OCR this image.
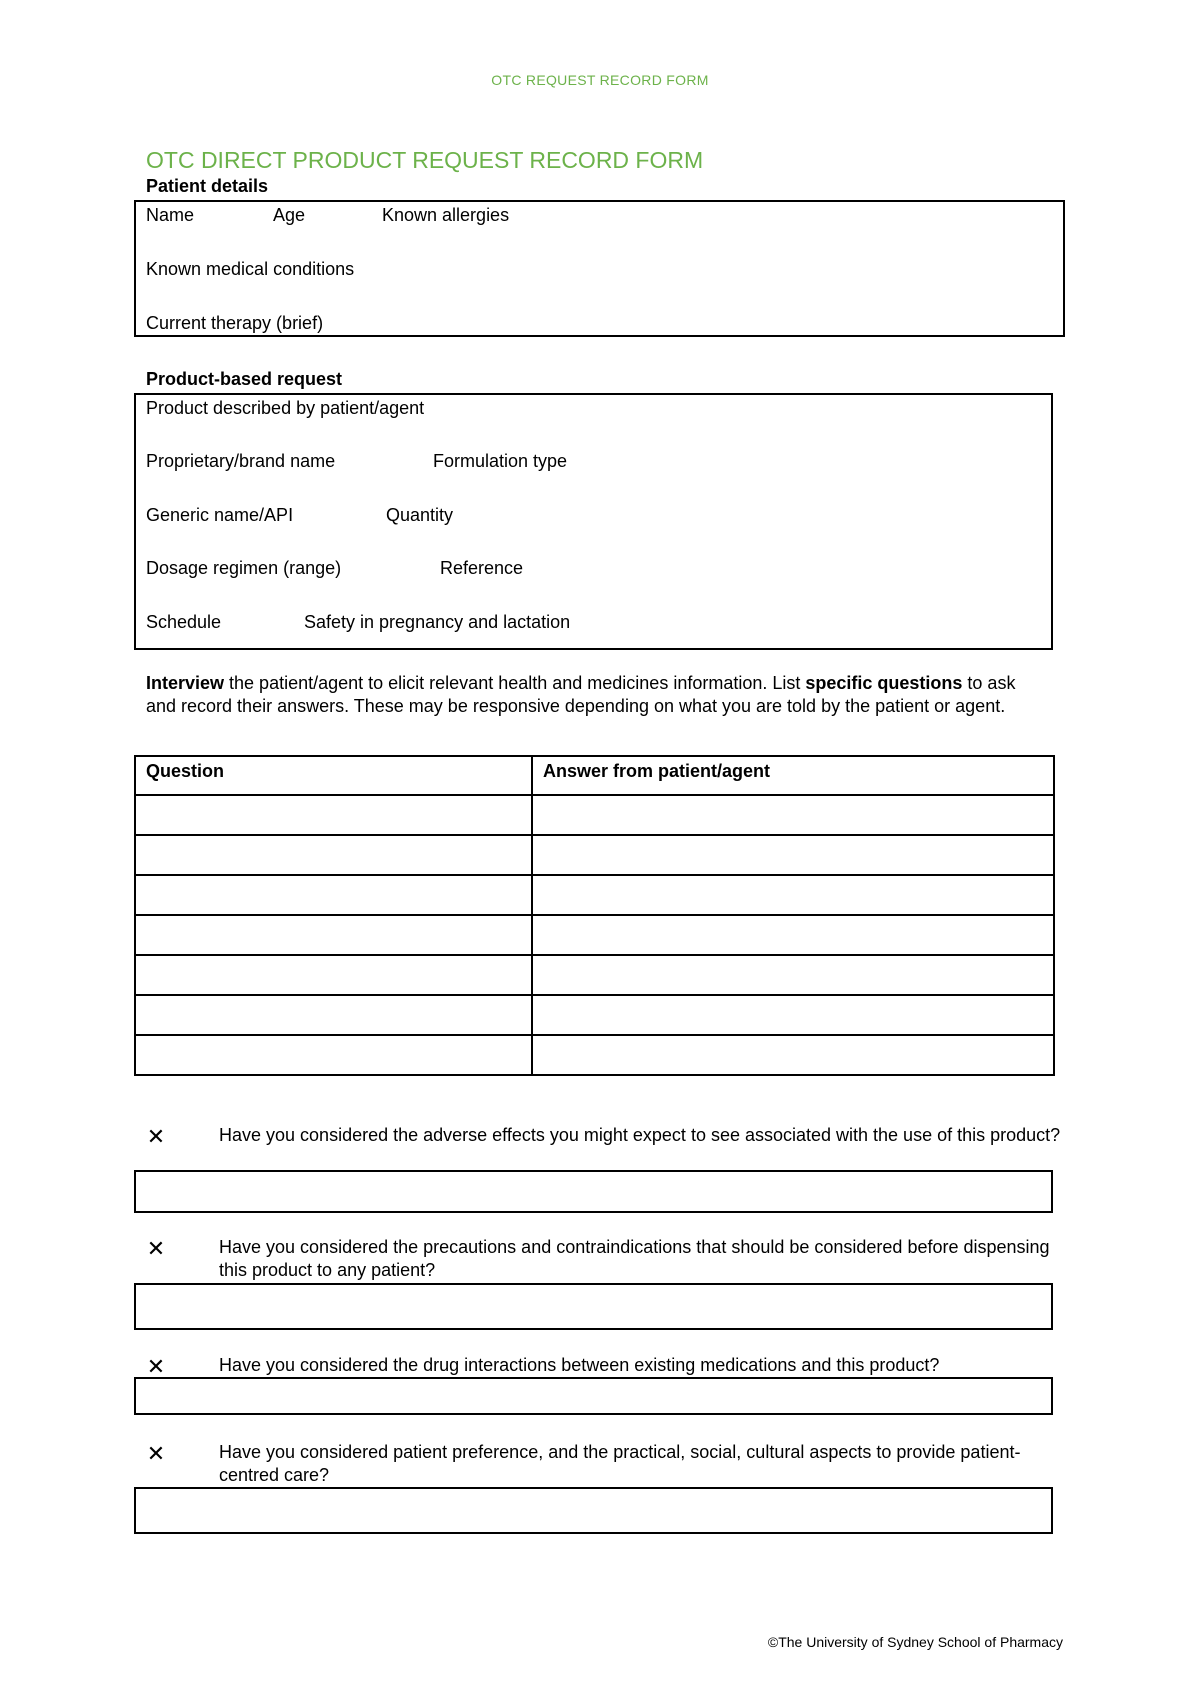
OTC REQUEST RECORD FORM
OTC DIRECT PRODUCT REQUEST RECORD FORM
Patient details
Name	Age	Known allergies
Known medical conditions
Current therapy (brief)
Product-based request
Product described by patient/agent
Proprietary/brand name	Formulation type
Generic name/API	Quantity
Dosage regimen (range)	Reference
Schedule	Safety in pregnancy and lactation
Interview the patient/agent to elicit relevant health and medicines information. List specific questions to ask and record their answers. These may be responsive depending on what you are told by the patient or agent.
Question	Answer from patient/agent

✕	Have you considered the adverse effects you might expect to see associated with the use of this product?
✕	Have you considered the precautions and contraindications that should be considered before dispensing this product to any patient?
✕	Have you considered the drug interactions between existing medications and this product?
✕	Have you considered patient preference, and the practical, social, cultural aspects to provide patient-centred care?
©The University of Sydney School of Pharmacy
